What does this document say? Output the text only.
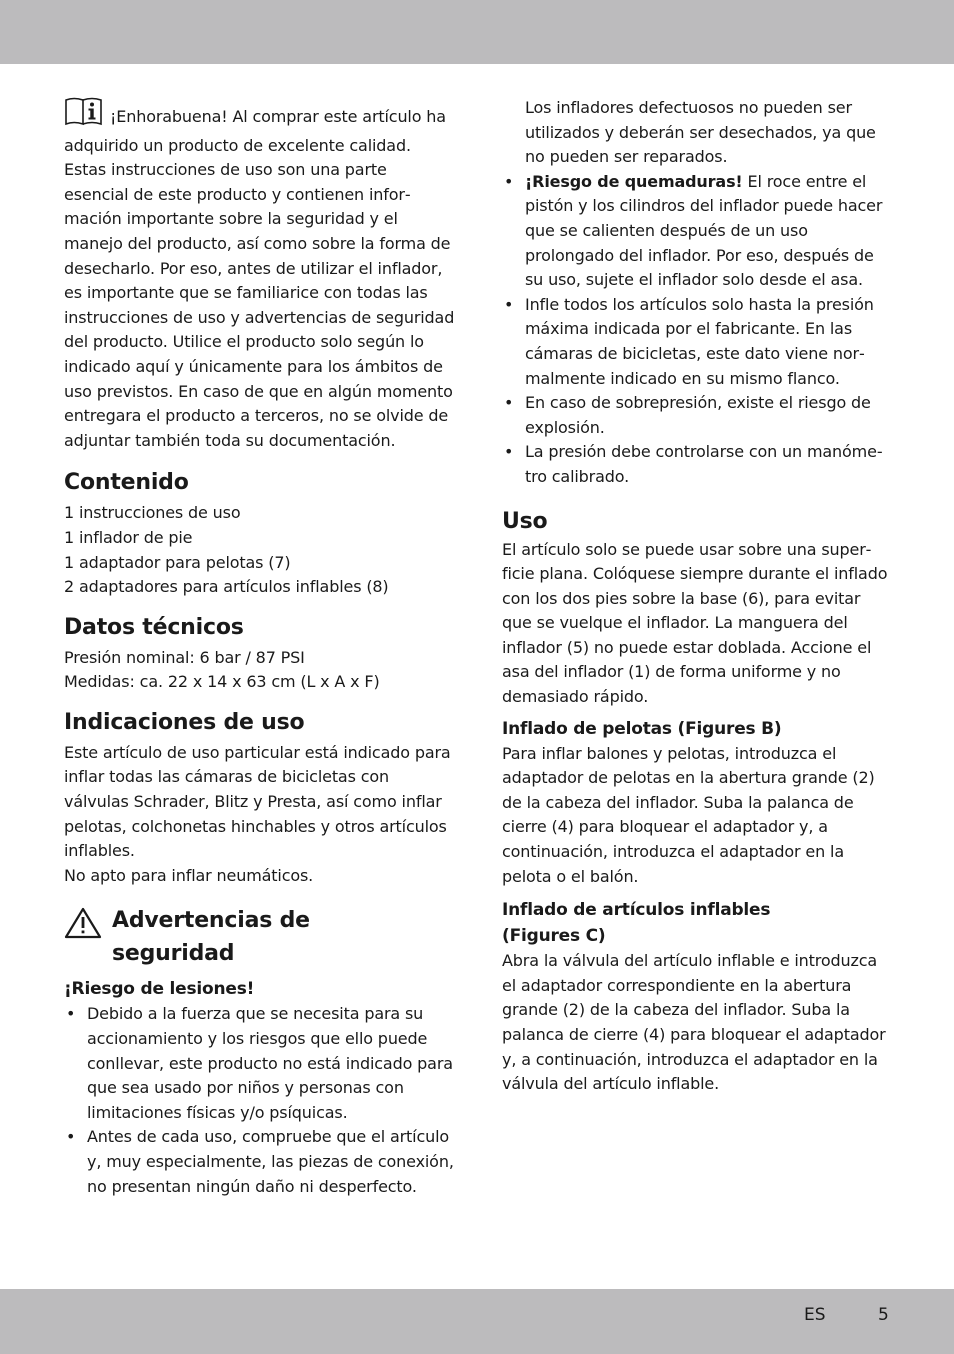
¡Enhorabuena! Al comprar este artículo ha adquirido un producto de excelente calidad. Estas instrucciones de uso son una parte esencial de este producto y contienen información importante sobre la seguridad y el manejo del producto, así como sobre la forma de desecharlo. Por eso, antes de utilizar el inflador, es importante que se familiarice con todas las instrucciones de uso y advertencias de seguridad del producto. Utilice el producto solo según lo indicado aquí y únicamente para los ámbitos de uso previstos. En caso de que en algún momento entregara el producto a terceros, no se olvide de adjuntar también toda su documentación.

Contenido

1 instrucciones de uso

1 inflador de pie

1 adaptador para pelotas (7)

2 adaptadores para artículos inflables (8)

Datos técnicos

Presión nominal: 6 bar / 87 PSI

Medidas: ca. 22 x 14 x 63 cm (L x A x F)

Indicaciones de uso

Este artículo de uso particular está indicado para inflar todas las cámaras de bicicletas con válvulas Schrader, Blitz y Presta, así como inflar pelotas, colchonetas hinchables y otros artículos inflables.

No apto para inflar neumáticos.

Advertencias de
seguridad
¡Riesgo de lesiones!
• Debido a la fuerza que se necesita para su accionamiento y los riesgos que ello puede conllevar, este producto no está indicado para que sea usado por niños y personas con limitaciones físicas y/o psíquicas.
• Antes de cada uso, compruebe que el artículo y, muy especialmente, las piezas de conexión, no presentan ningún daño ni desperfecto.

Los infladores defectuosos no pueden ser utilizados y deberán ser desechados, ya que no pueden ser reparados.

• ¡Riesgo de quemaduras! El roce entre el pistón y los cilindros del inflador puede hacer que se calienten después de un uso prolongado del inflador. Por eso, después de su uso, sujete el inflador solo desde el asa.
• Infle todos los artículos solo hasta la presión máxima indicada por el fabricante. En las cámaras de bicicletas, este dato viene normalmente indicado en su mismo flanco.
• En caso de sobrepresión, existe el riesgo de explosión.
• La presión debe controlarse con un manómetro calibrado.
Uso

El artículo solo se puede usar sobre una superficie plana. Colóquese siempre durante el inflado con los dos pies sobre la base (6), para evitar que se vuelque el inflador. La manguera del inflador (5) no puede estar doblada. Accione el asa del inflador (1) de forma uniforme y no demasiado rápido.

Inflado de pelotas (Figures B)

Para inflar balones y pelotas, introduzca el adaptador de pelotas en la abertura grande (2) de la cabeza del inflador. Suba la palanca de cierre (4) para bloquear el adaptador y, a continuación, introduzca el adaptador en la pelota o el balón.

Inflado de artículos inflables
(Figures C)

Abra la válvula del artículo inflable e introduzca el adaptador correspondiente en la abertura grande (2) de la cabeza del inflador. Suba la palanca de cierre (4) para bloquear el adaptador y, a continuación, introduzca el adaptador en la válvula del artículo inflable.

ES	5
